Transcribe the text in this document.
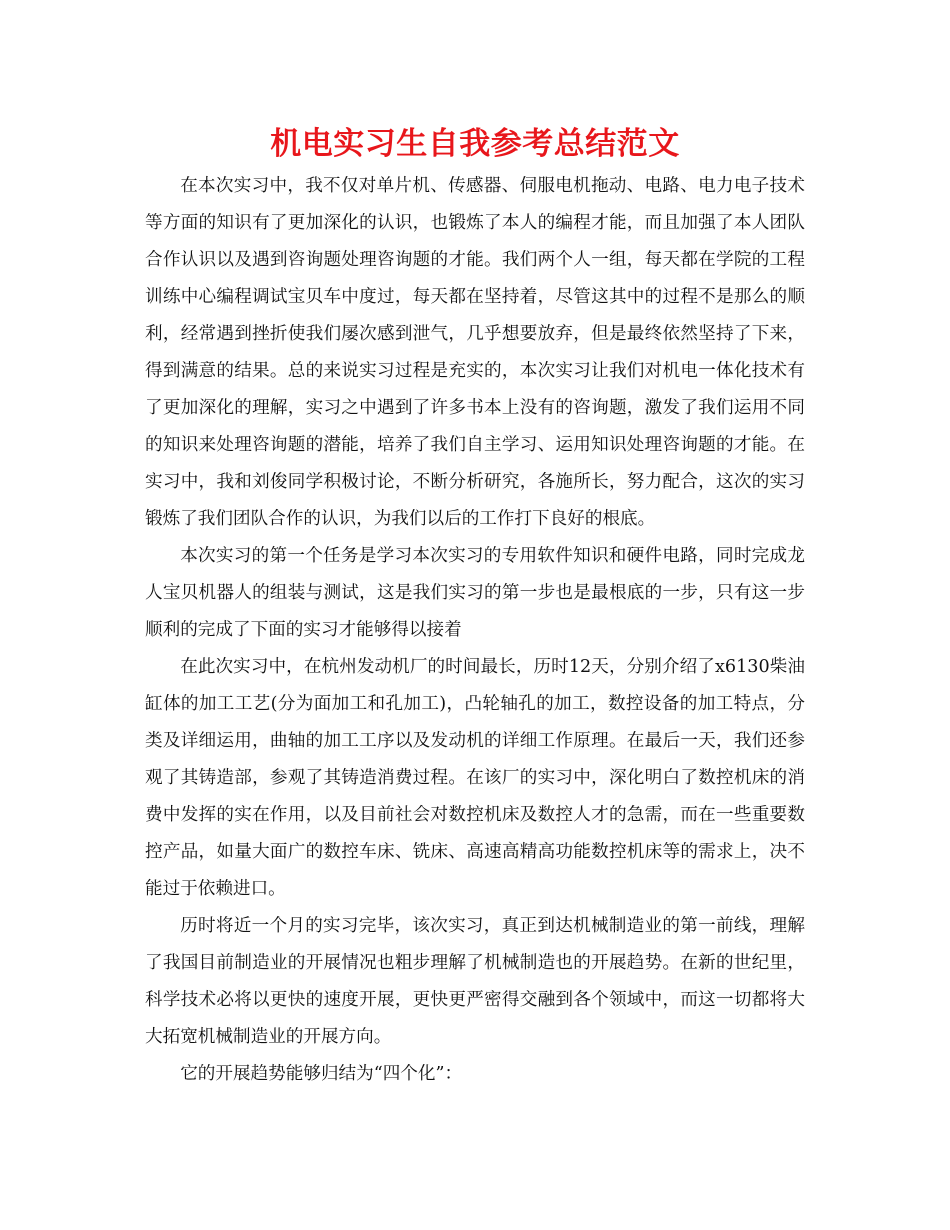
机电实习生自我参考总结范文

在本次实习中，我不仅对单片机、传感器、伺服电机拖动、电路、电力电子技术等方面的知识有了更加深化的认识，也锻炼了本人的编程才能，而且加强了本人团队合作认识以及遇到咨询题处理咨询题的才能。我们两个人一组，每天都在学院的工程训练中心编程调试宝贝车中度过，每天都在坚持着，尽管这其中的过程不是那么的顺利，经常遇到挫折使我们屡次感到泄气，几乎想要放弃，但是最终依然坚持了下来，得到满意的结果。总的来说实习过程是充实的，本次实习让我们对机电一体化技术有了更加深化的理解，实习之中遇到了许多书本上没有的咨询题，激发了我们运用不同的知识来处理咨询题的潜能，培养了我们自主学习、运用知识处理咨询题的才能。在实习中，我和刘俊同学积极讨论，不断分析研究，各施所长，努力配合，这次的实习锻炼了我们团队合作的认识，为我们以后的工作打下良好的根底。

本次实习的第一个任务是学习本次实习的专用软件知识和硬件电路，同时完成龙人宝贝机器人的组装与测试，这是我们实习的第一步也是最根底的一步，只有这一步顺利的完成了下面的实习才能够得以接着

在此次实习中，在杭州发动机厂的时间最长，历时12天，分别介绍了x6130柴油缸体的加工工艺(分为面加工和孔加工)，凸轮轴孔的加工，数控设备的加工特点，分类及详细运用，曲轴的加工工序以及发动机的详细工作原理。在最后一天，我们还参观了其铸造部，参观了其铸造消费过程。在该厂的实习中，深化明白了数控机床的消费中发挥的实在作用，以及目前社会对数控机床及数控人才的急需，而在一些重要数控产品，如量大面广的数控车床、铣床、高速高精高功能数控机床等的需求上，决不能过于依赖进口。

历时将近一个月的实习完毕，该次实习，真正到达机械制造业的第一前线，理解了我国目前制造业的开展情况也粗步理解了机械制造也的开展趋势。在新的世纪里，科学技术必将以更快的速度开展，更快更严密得交融到各个领域中，而这一切都将大大拓宽机械制造业的开展方向。

它的开展趋势能够归结为“四个化”：
